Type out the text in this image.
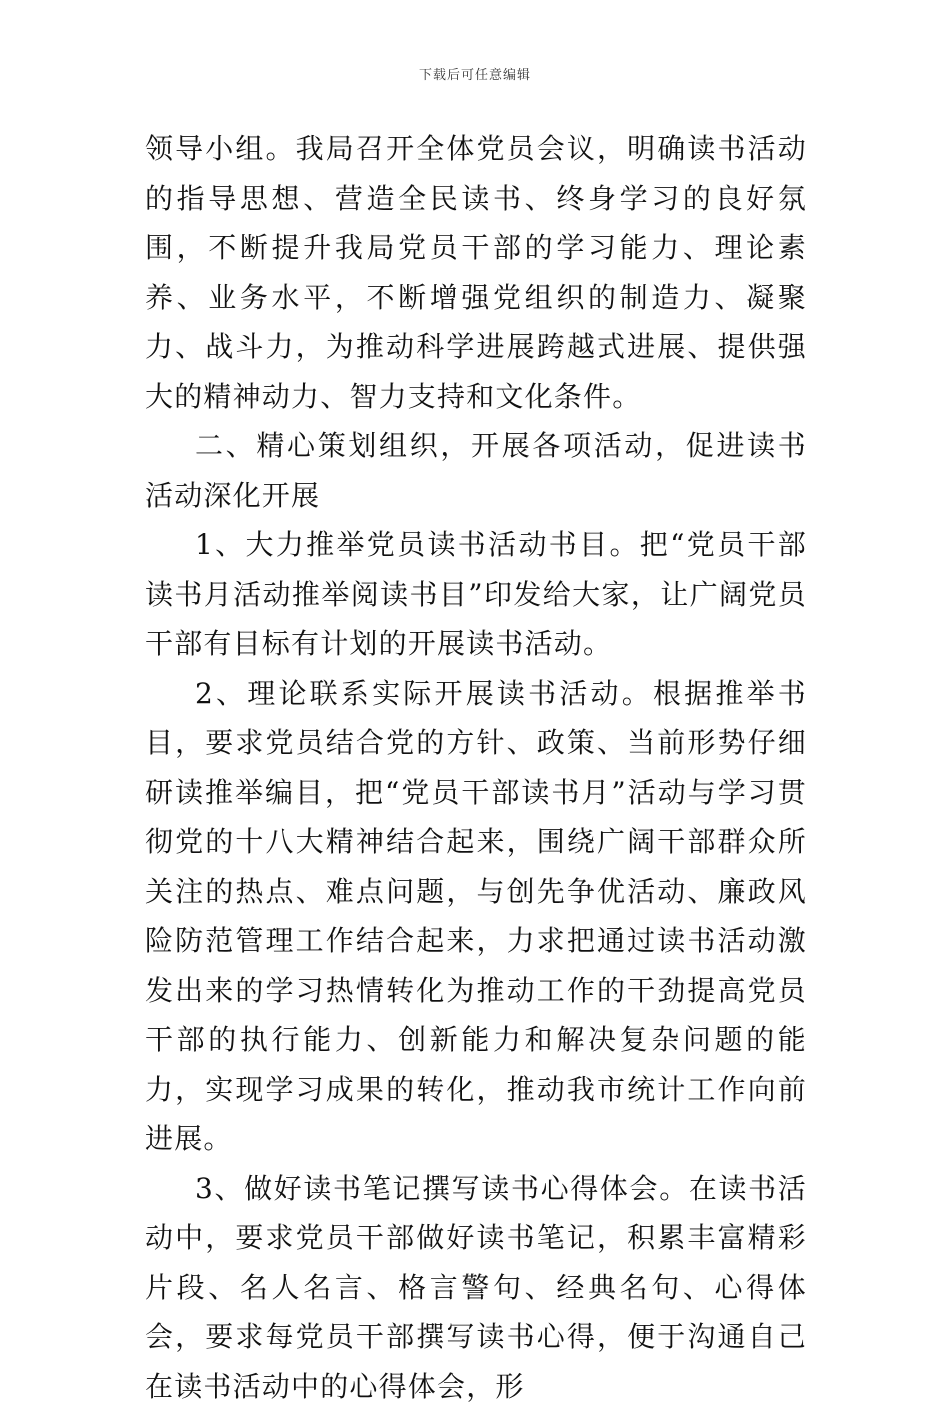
下载后可任意编辑

领导小组。我局召开全体党员会议，明确读书活动的指导思想、营造全民读书、终身学习的良好氛围，不断提升我局党员干部的学习能力、理论素养、业务水平，不断增强党组织的制造力、凝聚力、战斗力，为推动科学进展跨越式进展、提供强大的精神动力、智力支持和文化条件。

二、精心策划组织，开展各项活动，促进读书活动深化开展

1、大力推举党员读书活动书目。把“党员干部读书月活动推举阅读书目”印发给大家，让广阔党员干部有目标有计划的开展读书活动。

2、理论联系实际开展读书活动。根据推举书目，要求党员结合党的方针、政策、当前形势仔细研读推举编目，把“党员干部读书月”活动与学习贯彻党的十八大精神结合起来，围绕广阔干部群众所关注的热点、难点问题，与创先争优活动、廉政风险防范管理工作结合起来，力求把通过读书活动激发出来的学习热情转化为推动工作的干劲提高党员干部的执行能力、创新能力和解决复杂问题的能力，实现学习成果的转化，推动我市统计工作向前进展。

3、做好读书笔记撰写读书心得体会。在读书活动中，要求党员干部做好读书笔记，积累丰富精彩片段、名人名言、格言警句、经典名句、心得体会，要求每党员干部撰写读书心得，便于沟通自己在读书活动中的心得体会，形
